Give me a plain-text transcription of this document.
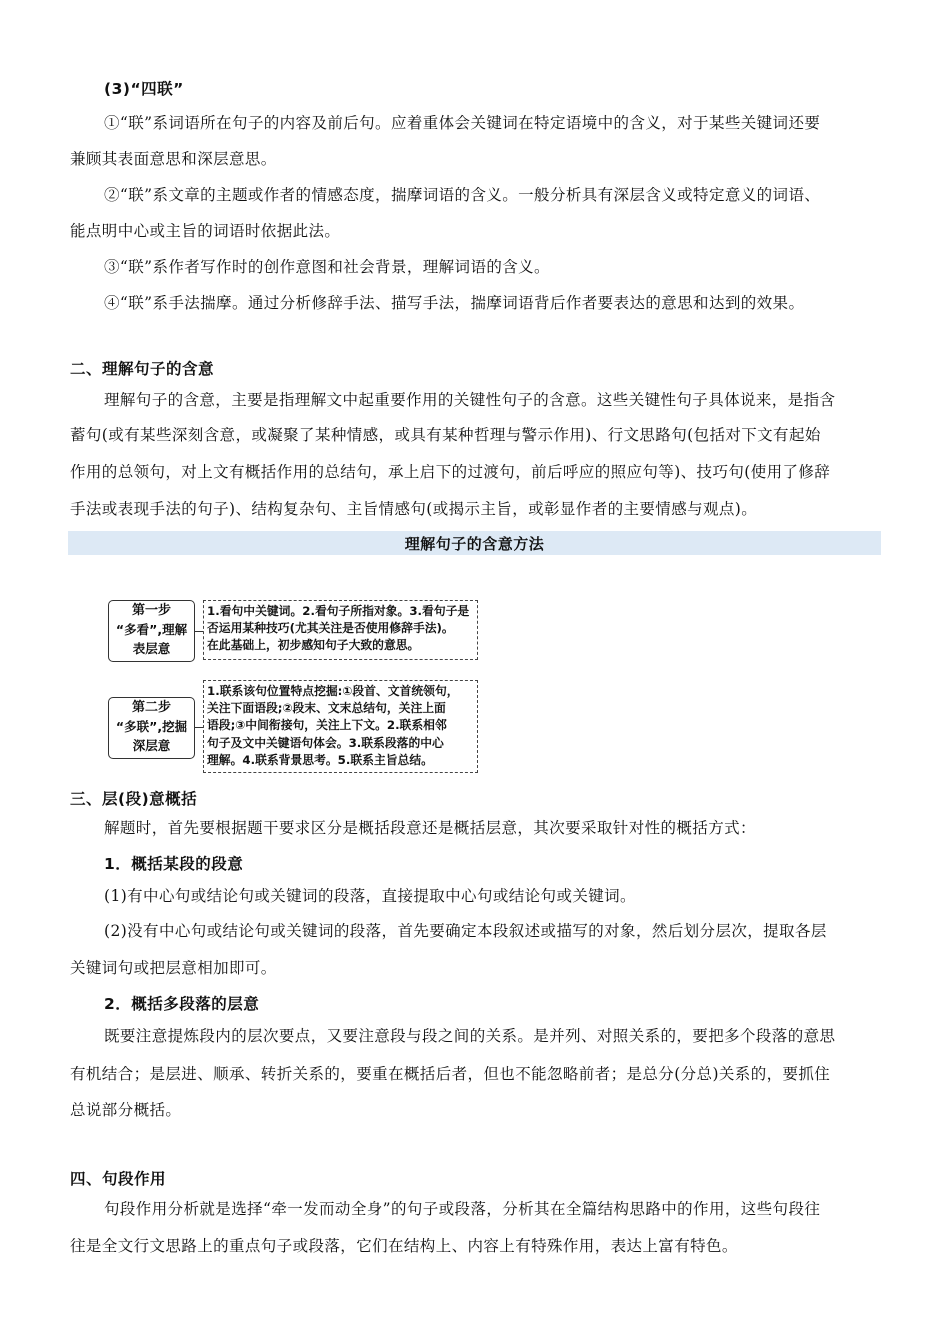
(3)“四联”
①“联”系词语所在句子的内容及前后句。应着重体会关键词在特定语境中的含义，对于某些关键词还要
兼顾其表面意思和深层意思。
②“联”系文章的主题或作者的情感态度，揣摩词语的含义。一般分析具有深层含义或特定意义的词语、
能点明中心或主旨的词语时依据此法。
③“联”系作者写作时的创作意图和社会背景，理解词语的含义。
④“联”系手法揣摩。通过分析修辞手法、描写手法，揣摩词语背后作者要表达的意思和达到的效果。
二、理解句子的含意
理解句子的含意，主要是指理解文中起重要作用的关键性句子的含意。这些关键性句子具体说来，是指含
蓄句(或有某些深刻含意，或凝聚了某种情感，或具有某种哲理与警示作用)、行文思路句(包括对下文有起始
作用的总领句，对上文有概括作用的总结句，承上启下的过渡句，前后呼应的照应句等)、技巧句(使用了修辞
手法或表现手法的句子)、结构复杂句、主旨情感句(或揭示主旨，或彰显作者的主要情感与观点)。
理解句子的含意方法
第一步
“多看”,理解
表层意
1.看句中关键词。2.看句子所指对象。3.看句子是
否运用某种技巧(尤其关注是否使用修辞手法)。
在此基础上，初步感知句子大致的意思。
第二步
“多联”,挖掘
深层意
1.联系该句位置特点挖掘:①段首、文首统领句，
关注下面语段;②段末、文末总结句，关注上面
语段;③中间衔接句，关注上下文。2.联系相邻
句子及文中关键语句体会。3.联系段落的中心
理解。4.联系背景思考。5.联系主旨总结。
三、层(段)意概括
解题时，首先要根据题干要求区分是概括段意还是概括层意，其次要采取针对性的概括方式：
1．概括某段的段意
(1)有中心句或结论句或关键词的段落，直接提取中心句或结论句或关键词。
(2)没有中心句或结论句或关键词的段落，首先要确定本段叙述或描写的对象，然后划分层次，提取各层
关键词句或把层意相加即可。
2．概括多段落的层意
既要注意提炼段内的层次要点，又要注意段与段之间的关系。是并列、对照关系的，要把多个段落的意思
有机结合；是层进、顺承、转折关系的，要重在概括后者，但也不能忽略前者；是总分(分总)关系的，要抓住
总说部分概括。
四、句段作用
句段作用分析就是选择“牵一发而动全身”的句子或段落，分析其在全篇结构思路中的作用，这些句段往
往是全文行文思路上的重点句子或段落，它们在结构上、内容上有特殊作用，表达上富有特色。
